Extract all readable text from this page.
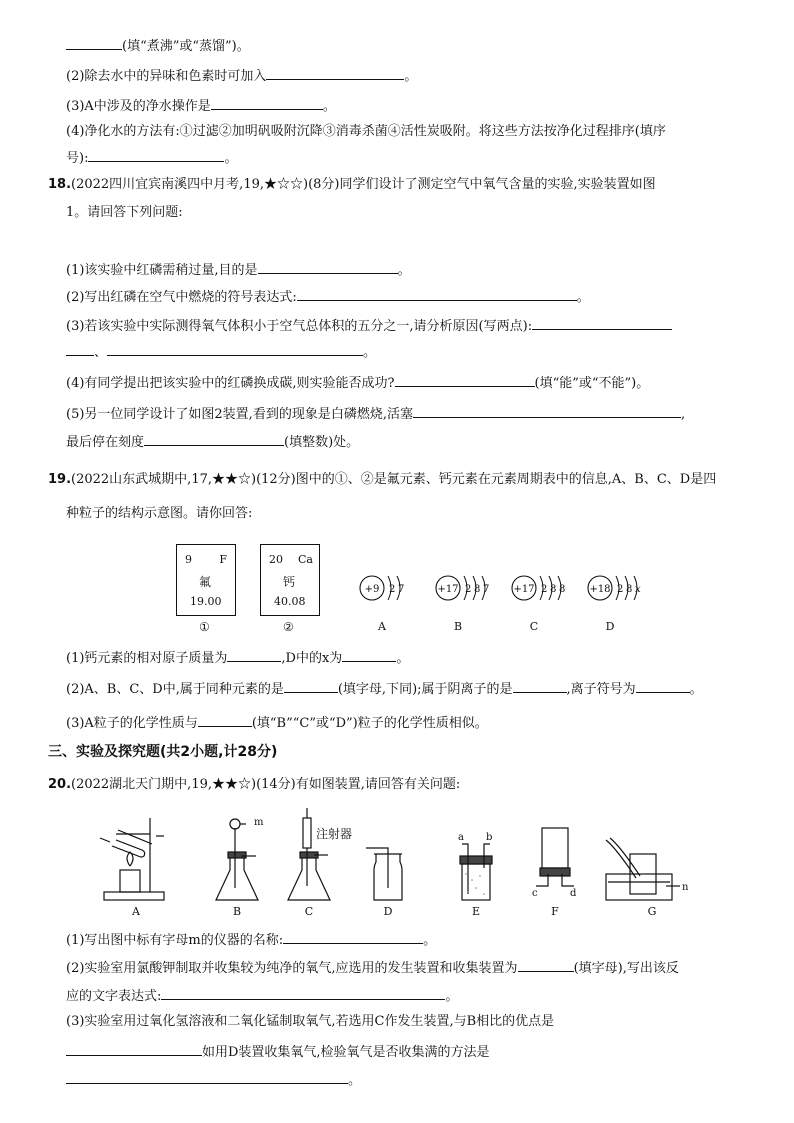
(填“煮沸”或“蒸馏”)。
(2)除去水中的异味和色素时可加入	。
(3)A中涉及的净水操作是	。
(4)净化水的方法有:①过滤②加明矾吸附沉降③消毒杀菌④活性炭吸附。将这些方法按净化过程排序(填序
号):	。
18.(2022四川宜宾南溪四中月考,19,★☆☆)(8分)同学们设计了测定空气中氧气含量的实验,实验装置如图
1。请回答下列问题:
(1)该实验中红磷需稍过量,目的是	。
(2)写出红磷在空气中燃烧的符号表达式:	。
(3)若该实验中实际测得氧气体积小于空气总体积的五分之一,请分析原因(写两点):
、	。
(4)有同学提出把该实验中的红磷换成碳,则实验能否成功?	(填“能”或“不能”)。
(5)另一位同学设计了如图2装置,看到的现象是白磷燃烧,活塞	,
最后停在刻度	(填整数)处。
19.(2022山东武城期中,17,★★☆)(12分)图中的①、②是氟元素、钙元素在元素周期表中的信息,A、B、C、D是四
种粒子的结构示意图。请你回答:
9 F
氟
19.00
①
20 Ca
钙
40.08
②
+9 2 7
A
+17 2 8 7
B
+17 2 8 8
C
+18 2 8 x
D
(1)钙元素的相对原子质量为	,D中的x为	。
(2)A、B、C、D中,属于同种元素的是	(填字母,下同);属于阴离子的是	,离子符号为	。
(3)A粒子的化学性质与	(填“B”“C”或“D”)粒子的化学性质相似。
三、实验及探究题(共2小题,计28分)
20.(2022湖北天门期中,19,★★☆)(14分)有如图装置,请回答有关问题:
m
注射器	a b
c	d
n
A	B	C	D	E	F	G
(1)写出图中标有字母m的仪器的名称:	。
(2)实验室用氯酸钾制取并收集较为纯净的氧气,应选用的发生装置和收集装置为	(填字母),写出该反
应的文字表达式:	。
(3)实验室用过氧化氢溶液和二氧化锰制取氧气,若选用C作发生装置,与B相比的优点是
如用D装置收集氧气,检验氧气是否收集满的方法是
。
